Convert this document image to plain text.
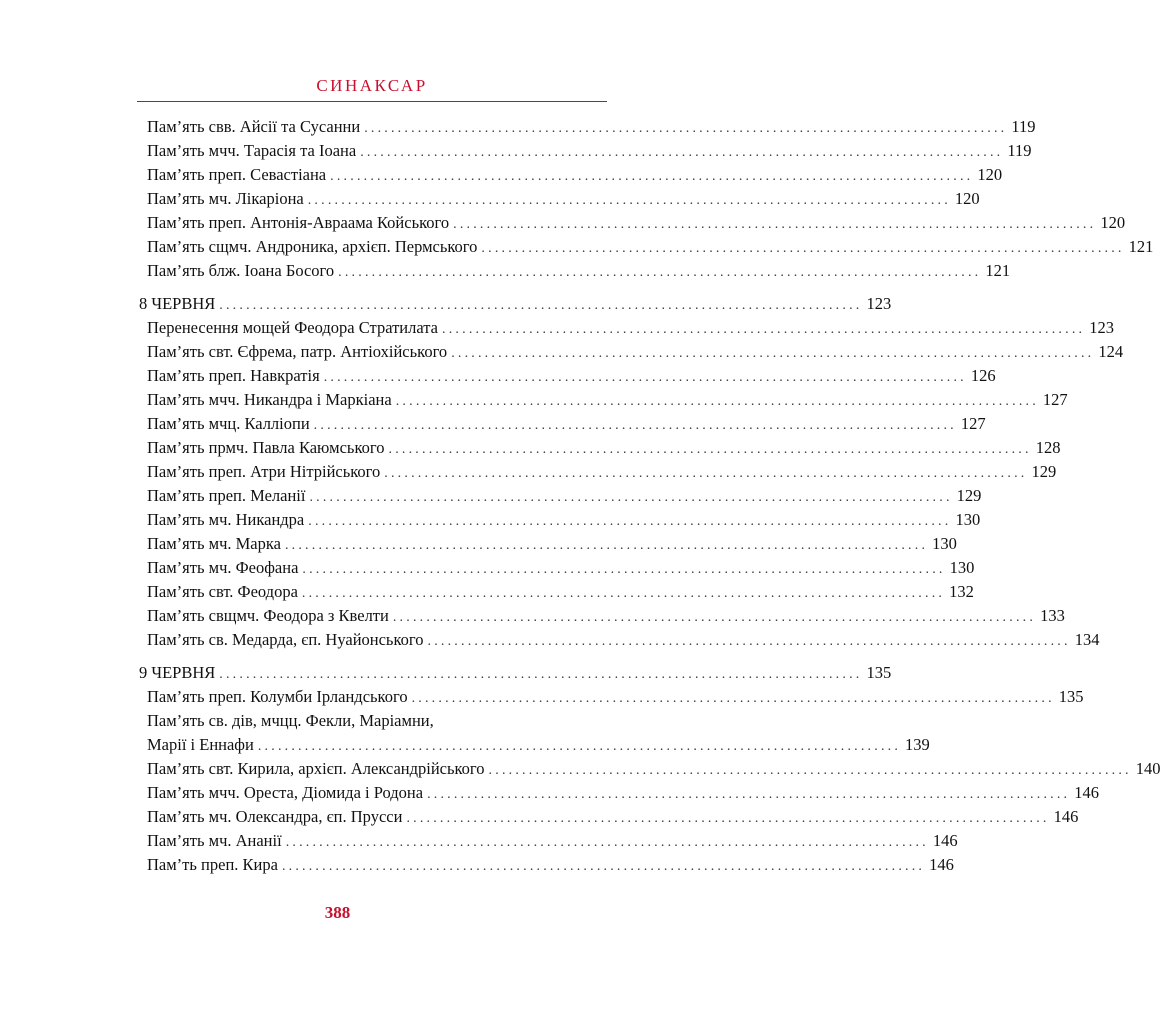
СИНАКСАР
Пам’ять свв. Айсії та Сусанни ................................................................................................ 119
Пам’ять мчч. Тарасія та Іоана ................................................................................................ 119
Пам’ять преп. Севастіана ................................................................................................ 120
Пам’ять мч. Лікаріона ................................................................................................ 120
Пам’ять преп. Антонія-Авраама Койського ................................................................................................ 120
Пам’ять сщмч. Андроника, архієп. Пермського ................................................................................................ 121
Пам’ять блж. Іоана Босого ................................................................................................ 121
8 ЧЕРВНЯ ................................................................................................ 123
Перенесення мощей Феодора Стратилата ................................................................................................ 123
Пам’ять свт. Єфрема, патр. Антіохійського ................................................................................................ 124
Пам’ять преп. Навкратія ................................................................................................ 126
Пам’ять мчч. Никандра і Маркіана ................................................................................................ 127
Пам’ять мчц. Калліопи ................................................................................................ 127
Пам’ять прмч. Павла Каюмського ................................................................................................ 128
Пам’ять преп. Атри Нітрійського ................................................................................................ 129
Пам’ять преп. Меланії ................................................................................................ 129
Пам’ять мч. Никандра ................................................................................................ 130
Пам’ять мч. Марка ................................................................................................ 130
Пам’ять мч. Феофана ................................................................................................ 130
Пам’ять свт. Феодора ................................................................................................ 132
Пам’ять свщмч. Феодора з Квелти ................................................................................................ 133
Пам’ять св. Медарда, єп. Нуайонського ................................................................................................ 134
9 ЧЕРВНЯ ................................................................................................ 135
Пам’ять преп. Колумби Ірландського ................................................................................................ 135
Пам’ять св. дів, мчцц. Фекли, Маріамни,
Марії і Еннафи ................................................................................................ 139
Пам’ять свт. Кирила, архієп. Александрійського ................................................................................................ 140
Пам’ять мчч. Ореста, Діомида і Родона ................................................................................................ 146
Пам’ять мч. Олександра, єп. Прусси ................................................................................................ 146
Пам’ять мч. Ананії ................................................................................................ 146
Пам’ть преп. Кира ................................................................................................ 146
388
